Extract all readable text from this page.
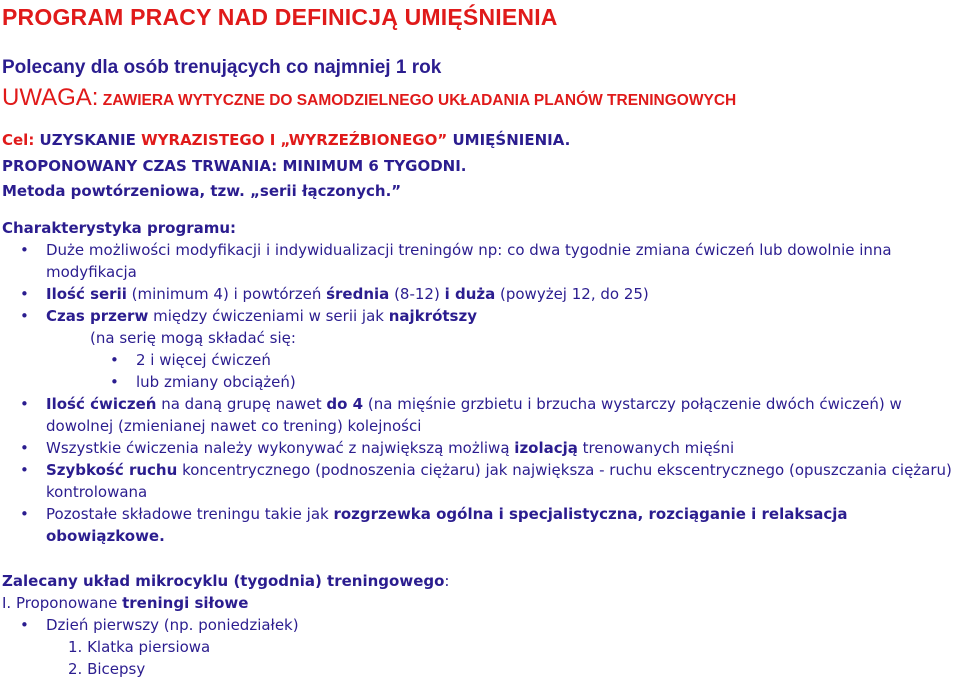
PROGRAM PRACY NAD DEFINICJĄ UMIĘŚNIENIA
Polecany dla osób trenujących co najmniej 1 rok
UWAGA: ZAWIERA WYTYCZNE DO SAMODZIELNEGO UKŁADANIA PLANÓW TRENINGOWYCH
Cel: UZYSKANIE WYRAZISTEGO I „WYRZEŹBIONEGO” UMIĘŚNIENIA.
PROPONOWANY CZAS TRWANIA: MINIMUM 6 TYGODNI.
Metoda powtórzeniowa, tzw. „serii łączonych.”
Charakterystyka programu:
• Duże możliwości modyfikacji i indywidualizacji treningów np: co dwa tygodnie zmiana ćwiczeń lub dowolnie inna modyfikacja
• Ilość serii (minimum 4) i powtórzeń średnia (8-12) i duża (powyżej 12, do 25)
• Czas przerw między ćwiczeniami w serii jak najkrótszy
(na serię mogą składać się:
• 2 i więcej ćwiczeń
• lub zmiany obciążeń)
• Ilość ćwiczeń na daną grupę nawet do 4 (na mięśnie grzbietu i brzucha wystarczy połączenie dwóch ćwiczeń) w dowolnej (zmienianej nawet co trening) kolejności
• Wszystkie ćwiczenia należy wykonywać z największą możliwą izolacją trenowanych mięśni
• Szybkość ruchu koncentrycznego (podnoszenia ciężaru) jak największa - ruchu ekscentrycznego (opuszczania ciężaru) kontrolowana
• Pozostałe składowe treningu takie jak rozgrzewka ogólna i specjalistyczna, rozciąganie i relaksacja obowiązkowe.
Zalecany układ mikrocyklu (tygodnia) treningowego:
I. Proponowane treningi siłowe
• Dzień pierwszy (np. poniedziałek)
1. Klatka piersiowa
2. Bicepsy
